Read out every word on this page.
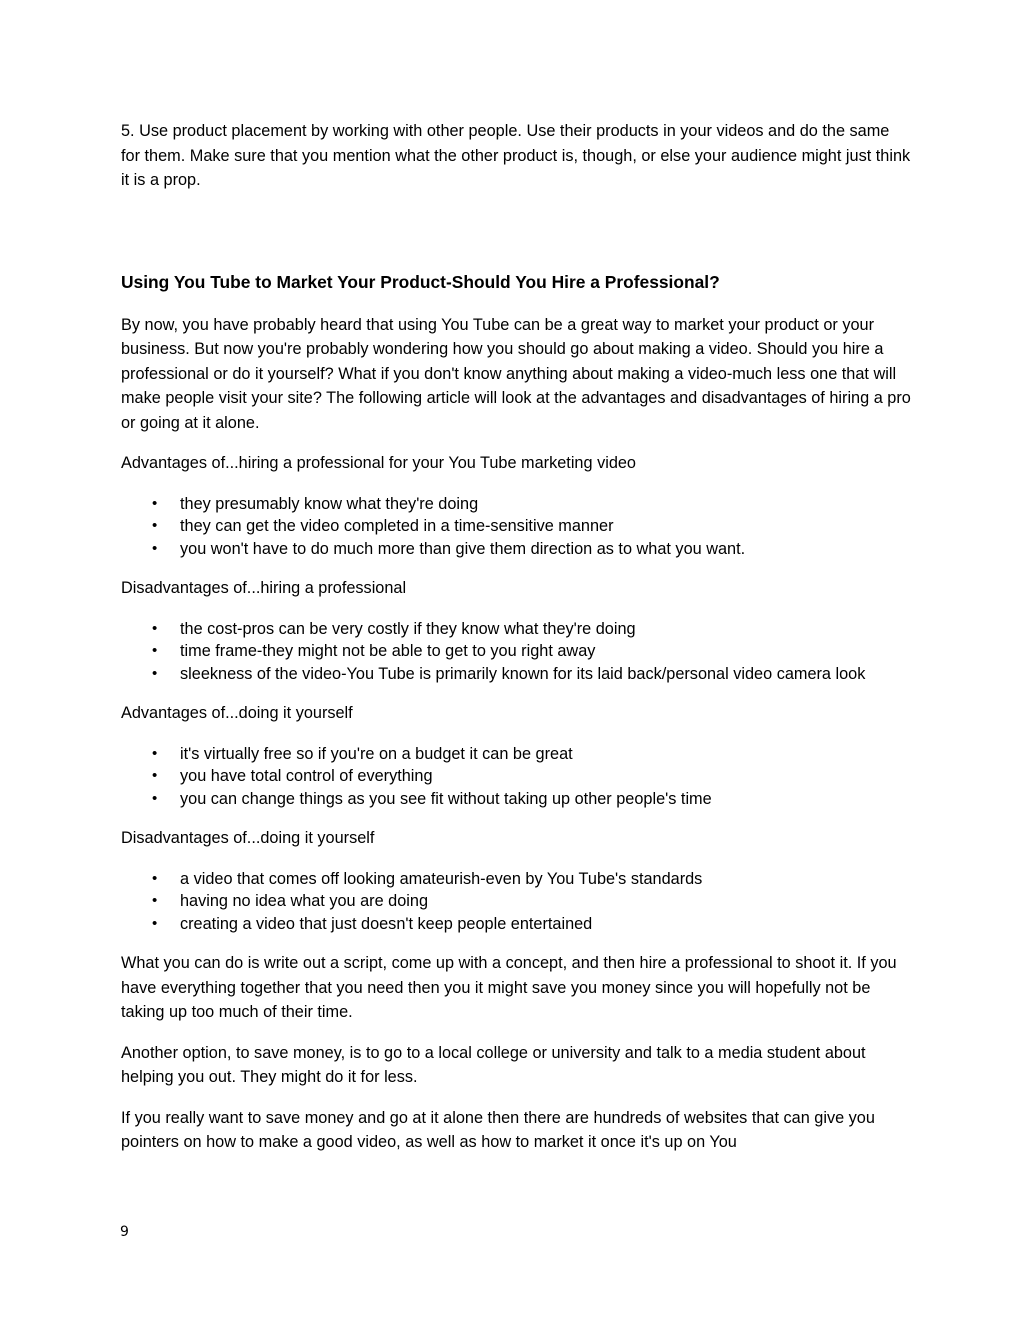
5. Use product placement by working with other people. Use their products in your videos and do the same for them. Make sure that you mention what the other product is, though, or else your audience might just think it is a prop.

Using You Tube to Market Your Product-Should You Hire a Professional?

By now, you have probably heard that using You Tube can be a great way to market your product or your business. But now you're probably wondering how you should go about making a video. Should you hire a professional or do it yourself? What if you don't know anything about making a video-much less one that will make people visit your site? The following article will look at the advantages and disadvantages of hiring a pro or going at it alone.

Advantages of...hiring a professional for your You Tube marketing video

• they presumably know what they're doing
• they can get the video completed in a time-sensitive manner
• you won't have to do much more than give them direction as to what you want.

Disadvantages of...hiring a professional

• the cost-pros can be very costly if they know what they're doing
• time frame-they might not be able to get to you right away
• sleekness of the video-You Tube is primarily known for its laid back/personal video camera look

Advantages of...doing it yourself

• it's virtually free so if you're on a budget it can be great
• you have total control of everything
• you can change things as you see fit without taking up other people's time

Disadvantages of...doing it yourself

• a video that comes off looking amateurish-even by You Tube's standards
• having no idea what you are doing
• creating a video that just doesn't keep people entertained

What you can do is write out a script, come up with a concept, and then hire a professional to shoot it. If you have everything together that you need then you it might save you money since you will hopefully not be taking up too much of their time.

Another option, to save money, is to go to a local college or university and talk to a media student about helping you out. They might do it for less.

If you really want to save money and go at it alone then there are hundreds of websites that can give you pointers on how to make a good video, as well as how to market it once it's up on You

9
